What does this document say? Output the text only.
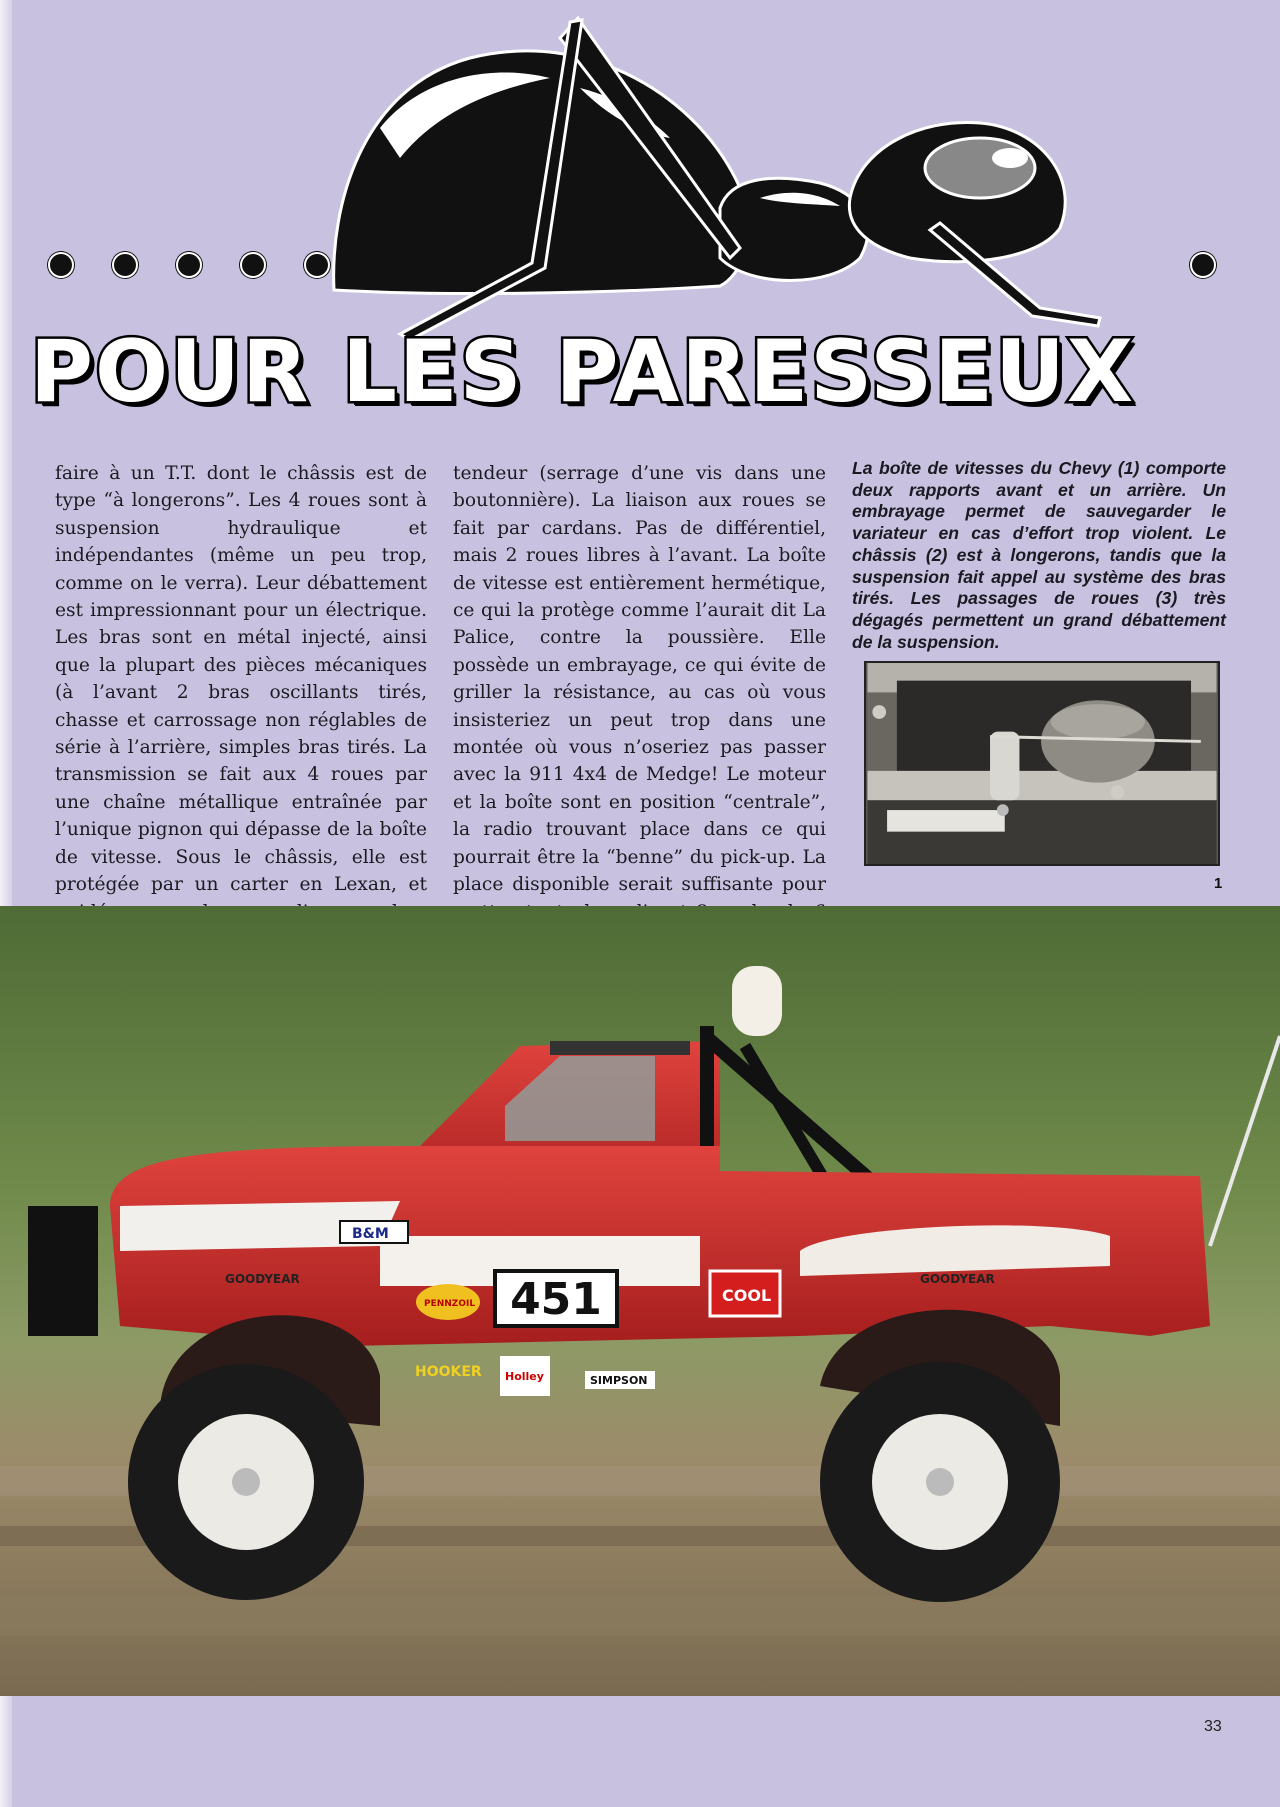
POUR LES PARESSEUX
faire à un T.T. dont le châssis est de type “à longerons”. Les 4 roues sont à suspension hydraulique et indépendantes (même un peu trop, comme on le verra). Leur débattement est impressionnant pour un électrique. Les bras sont en métal injecté, ainsi que la plupart des pièces mécaniques (à l’avant 2 bras oscillants tirés, chasse et carrossage non réglables de série à l’arrière, simples bras tirés. La transmission se fait aux 4 roues par une chaîne métallique entraînée par l’unique pignon qui dépasse de la boîte de vitesse. Sous le châssis, elle est protégée par un carter en Lexan, et
tendeur (serrage d’une vis dans une boutonnière). La liaison aux roues se fait par cardans. Pas de différentiel, mais 2 roues libres à l’avant. La boîte de vitesse est entièrement hermétique, ce qui la protège comme l’aurait dit La Palice, contre la poussière. Elle possède un embrayage, ce qui évite de griller la résistance, au cas où vous insisteriez un peut trop dans une montée où vous n’oseriez pas passer avec la 911 4x4 de Medge! Le moteur et la boîte sont en position “centrale”, la radio trouvant place dans ce qui pourrait être la “benne” du pick-up. La place disponible serait suffisante pour
La boîte de vitesses du Chevy (1) comporte deux rapports avant et un arrière. Un embrayage permet de sauvegarder le variateur en cas d’effort trop violent. Le châssis (2) est à longerons, tandis que la suspension fait appel au système des bras tirés. Les passages de roues (3) très dégagés permettent un grand débattement de la suspension.
1
451
GOODYEAR	GOODYEAR
PENNZOIL	COOL
HOOKER Holley	SIMPSON
B&M
33
